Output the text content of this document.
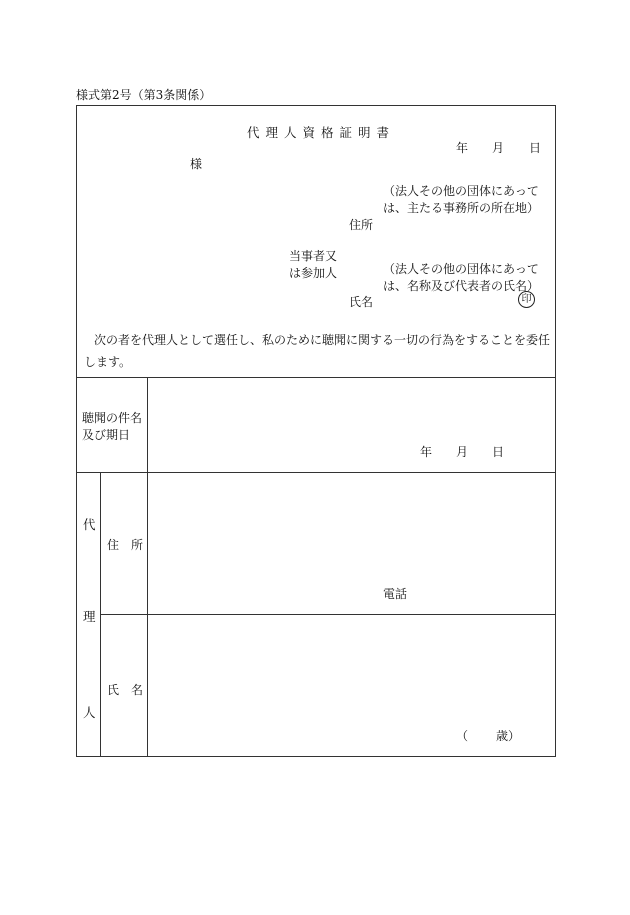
様式第2号（第3条関係）
代理人資格証明書
年 月 日
様
（法人その他の団体にあって
は、主たる事務所の所在地）
住所
当事者又
は参加人	（法人その他の団体にあって
は、名称及び代表者の氏名）
氏名	印
次の者を代理人として選任し、私のために聴聞に関する一切の行為をすることを委任
します。
聴聞の件名
及び期日
年 月 日
代
理
人
住　所
電話
氏　名
（ 歳）
